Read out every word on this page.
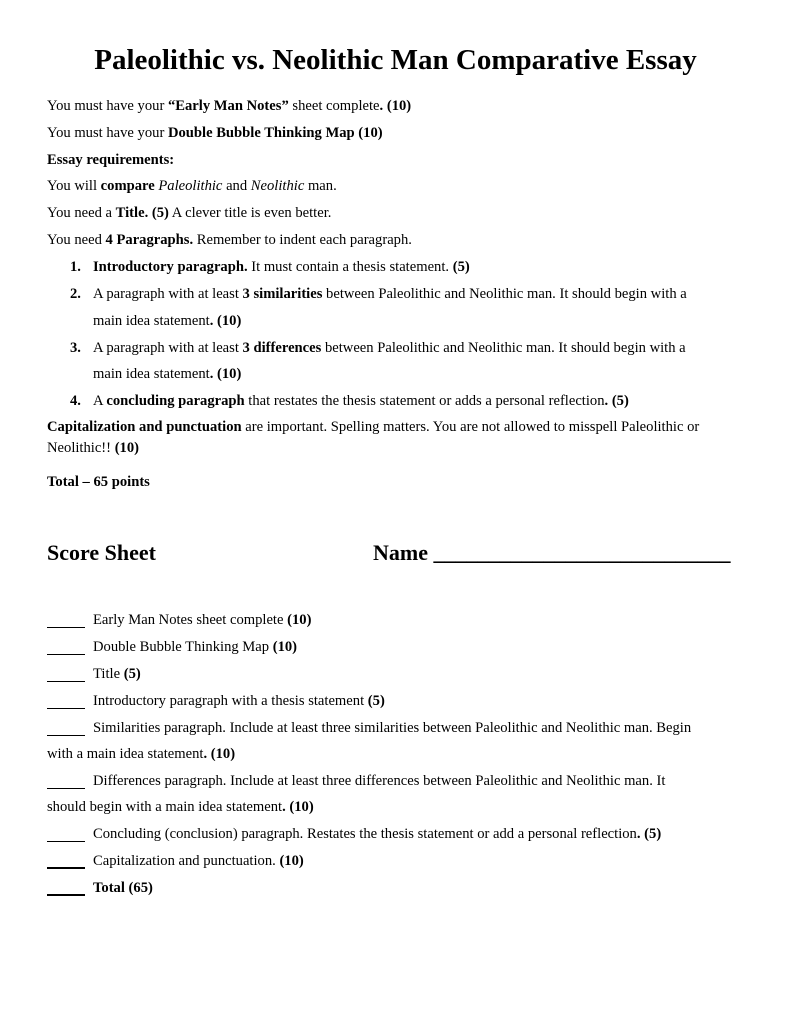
Paleolithic vs. Neolithic Man Comparative Essay
You must have your “Early Man Notes” sheet complete. (10)
You must have your Double Bubble Thinking Map (10)
Essay requirements:
You will compare Paleolithic and Neolithic man.
You need a Title. (5) A clever title is even better.
You need 4 Paragraphs. Remember to indent each paragraph.
1. Introductory paragraph. It must contain a thesis statement. (5)
2. A paragraph with at least 3 similarities between Paleolithic and Neolithic man. It should begin with a
main idea statement. (10)
3. A paragraph with at least 3 differences between Paleolithic and Neolithic man. It should begin with a
main idea statement. (10)
4. A concluding paragraph that restates the thesis statement or adds a personal reflection. (5)
Capitalization and punctuation are important. Spelling matters. You are not allowed to misspell Paleolithic or
Neolithic!! (10)
Total – 65 points
Score Sheet	Name ___________________________
Early Man Notes sheet complete (10)
Double Bubble Thinking Map (10)
Title (5)
Introductory paragraph with a thesis statement (5)
Similarities paragraph. Include at least three similarities between Paleolithic and Neolithic man. Begin
with a main idea statement. (10)
Differences paragraph. Include at least three differences between Paleolithic and Neolithic man. It
should begin with a main idea statement. (10)
Concluding (conclusion) paragraph. Restates the thesis statement or add a personal reflection. (5)
Capitalization and punctuation. (10)
Total (65)
